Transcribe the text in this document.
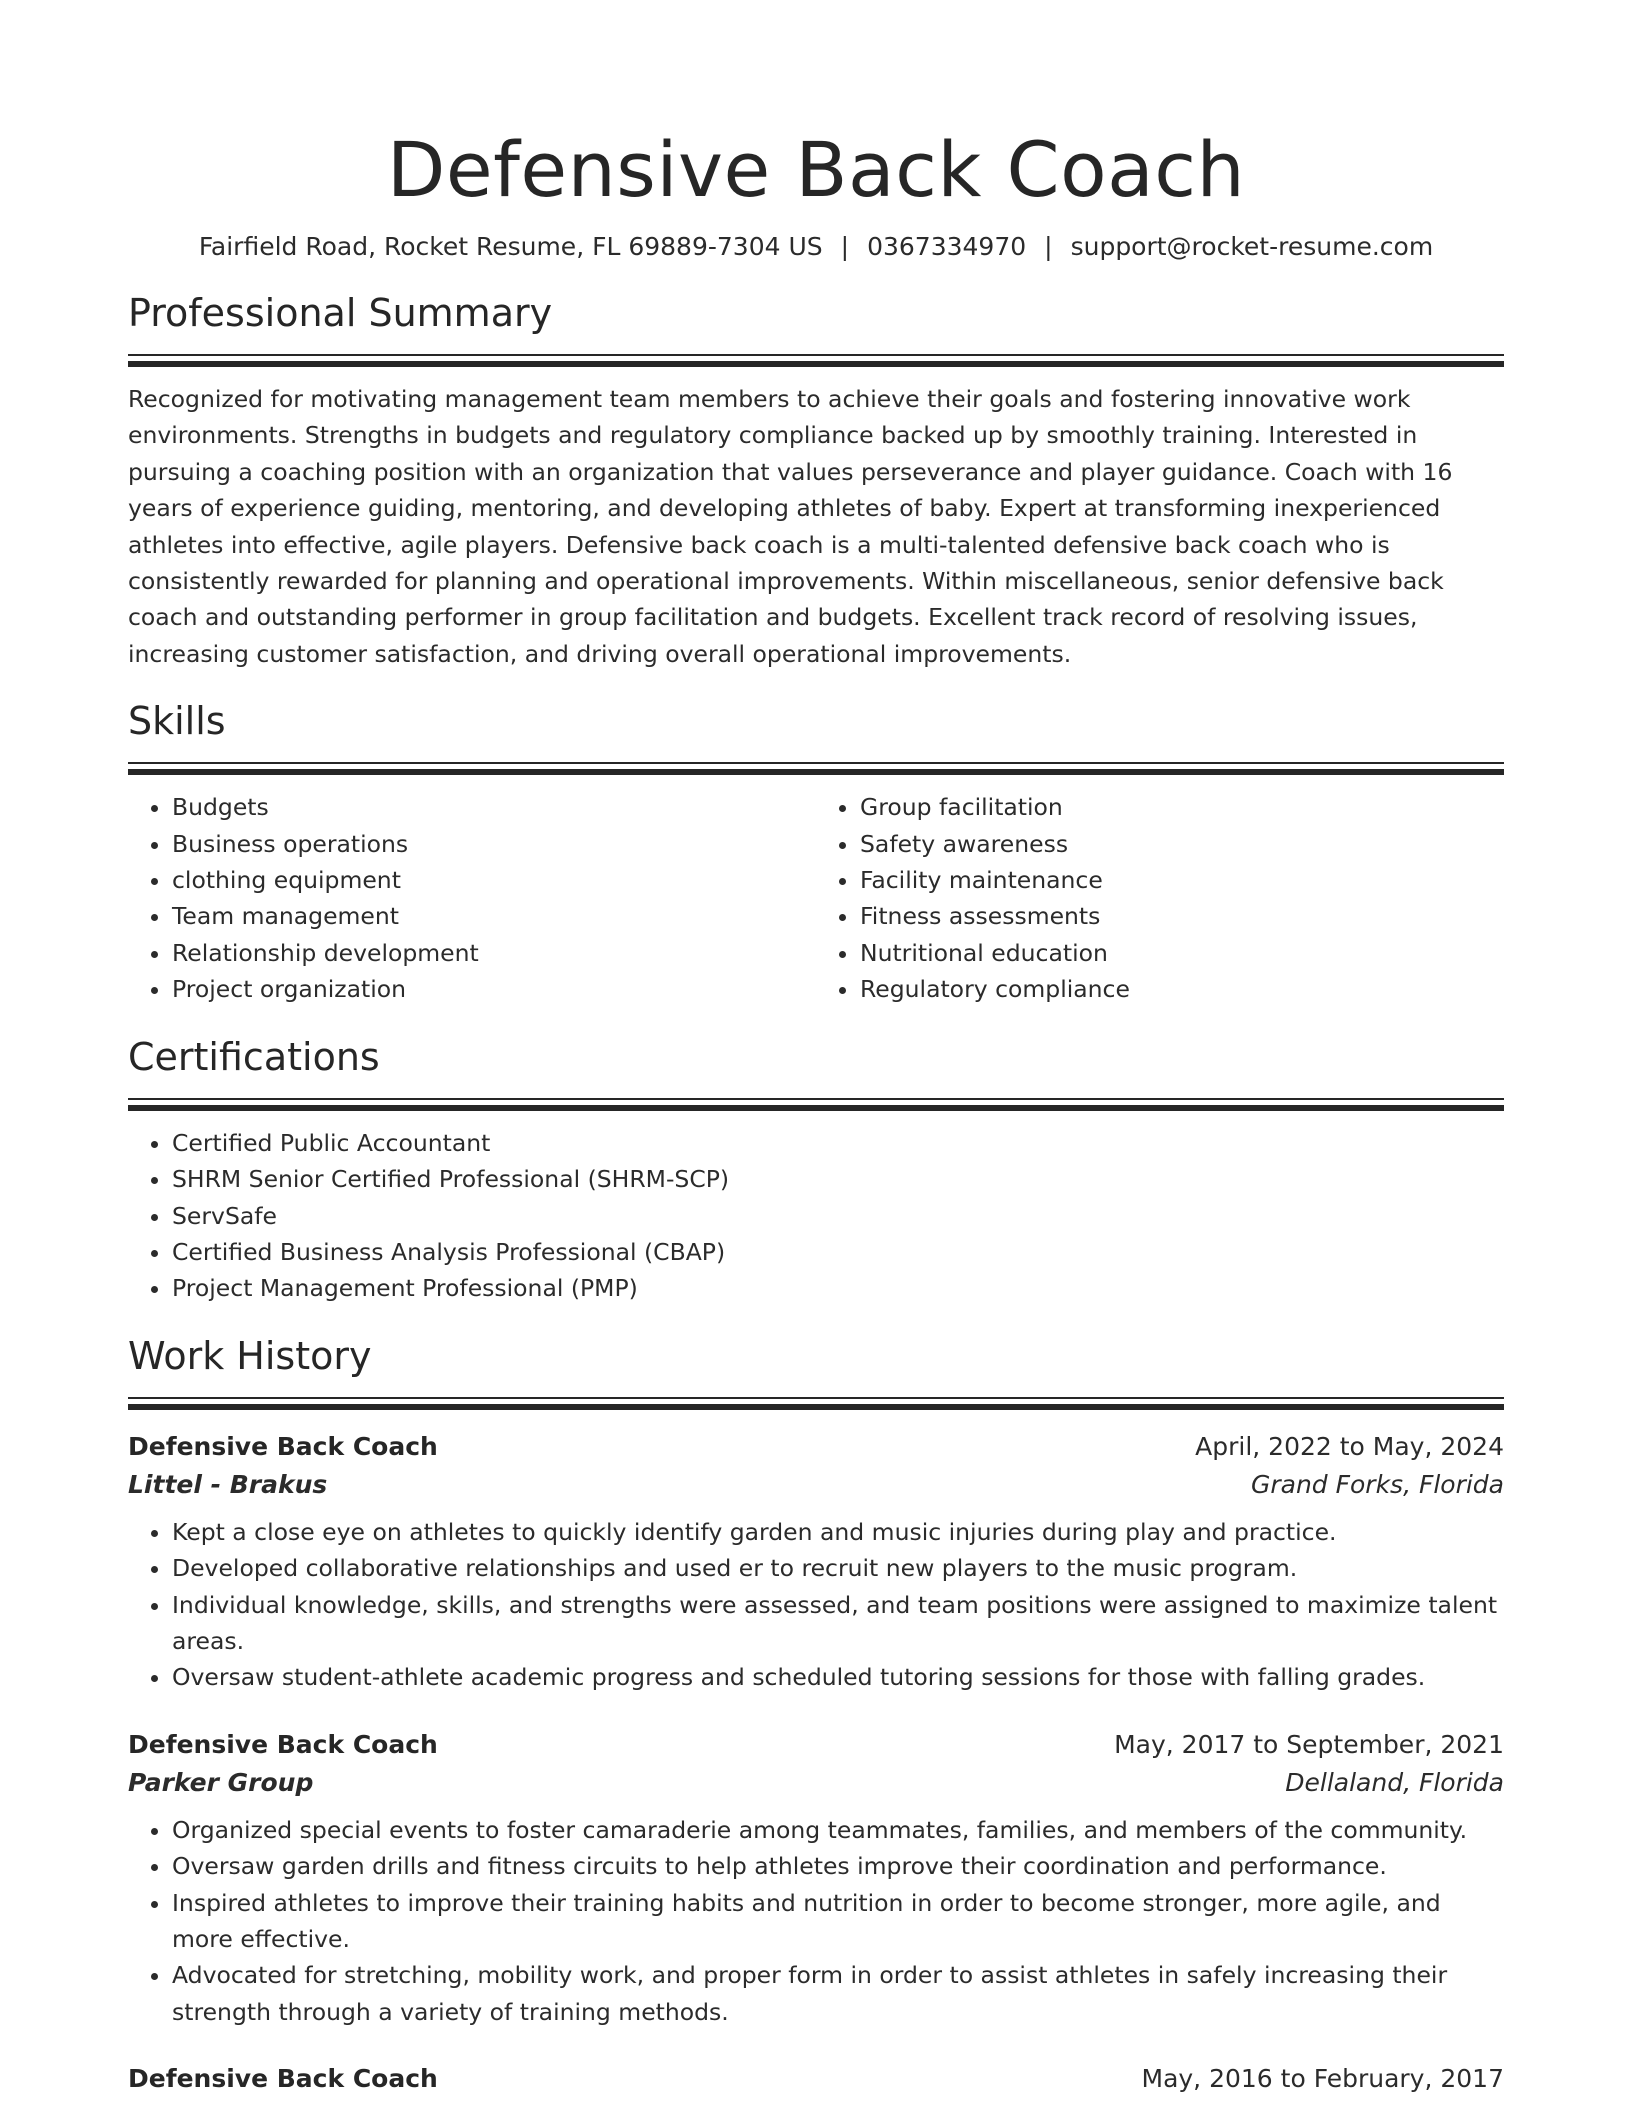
Defensive Back Coach
Fairfield Road, Rocket Resume, FL 69889-7304 US | 0367334970 | support@rocket-resume.com
Professional Summary

Recognized for motivating management team members to achieve their goals and fostering innovative work environments. Strengths in budgets and regulatory compliance backed up by smoothly training. Interested in pursuing a coaching position with an organization that values perseverance and player guidance. Coach with 16 years of experience guiding, mentoring, and developing athletes of baby. Expert at transforming inexperienced athletes into effective, agile players. Defensive back coach is a multi-talented defensive back coach who is consistently rewarded for planning and operational improvements. Within miscellaneous, senior defensive back coach and outstanding performer in group facilitation and budgets. Excellent track record of resolving issues, increasing customer satisfaction, and driving overall operational improvements.

Skills
• Budgets
• Business operations
• clothing equipment
• Team management
• Relationship development
• Project organization
• Group facilitation
• Safety awareness
• Facility maintenance
• Fitness assessments
• Nutritional education
• Regulatory compliance
Certifications
• Certified Public Accountant
• SHRM Senior Certified Professional (SHRM-SCP)
• ServSafe
• Certified Business Analysis Professional (CBAP)
• Project Management Professional (PMP)
Work History
Defensive Back Coach	April, 2022 to May, 2024
Littel - Brakus	Grand Forks, Florida
• Kept a close eye on athletes to quickly identify garden and music injuries during play and practice.
• Developed collaborative relationships and used er to recruit new players to the music program.
• Individual knowledge, skills, and strengths were assessed, and team positions were assigned to maximize talent areas.
• Oversaw student-athlete academic progress and scheduled tutoring sessions for those with falling grades.
Defensive Back Coach	May, 2017 to September, 2021
Parker Group	Dellaland, Florida
• Organized special events to foster camaraderie among teammates, families, and members of the community.
• Oversaw garden drills and fitness circuits to help athletes improve their coordination and performance.
• Inspired athletes to improve their training habits and nutrition in order to become stronger, more agile, and more effective.
• Advocated for stretching, mobility work, and proper form in order to assist athletes in safely increasing their strength through a variety of training methods.
Defensive Back Coach	May, 2016 to February, 2017
